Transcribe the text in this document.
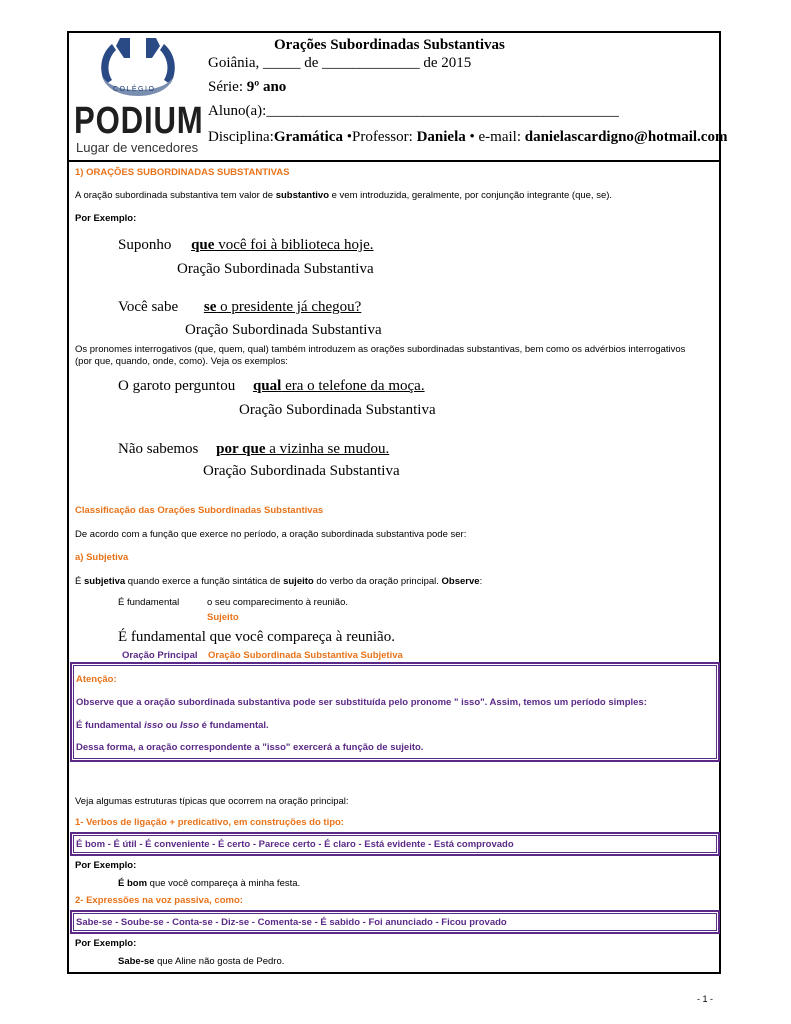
COLÉGIO
PODIUM
Lugar de vencedores
Orações Subordinadas Substantivas
Goiânia, _____ de _____________ de 2015
Série: 9º ano
Aluno(a):_______________________________________________
Disciplina:Gramática •Professor: Daniela • e-mail: danielascardigno@hotmail.com
1) ORAÇÕES SUBORDINADAS SUBSTANTIVAS
A oração subordinada substantiva tem valor de substantivo e vem introduzida, geralmente, por conjunção integrante (que, se).
Por Exemplo:
Suponho que você foi à biblioteca hoje.
Oração Subordinada Substantiva
Você sabe se o presidente já chegou?
Oração Subordinada Substantiva
Os pronomes interrogativos (que, quem, qual) também introduzem as orações subordinadas substantivas, bem como os advérbios interrogativos
(por que, quando, onde, como). Veja os exemplos:
O garoto perguntou qual era o telefone da moça.
Oração Subordinada Substantiva
Não sabemos por que a vizinha se mudou.
Oração Subordinada Substantiva
Classificação das Orações Subordinadas Substantivas
De acordo com a função que exerce no período, a oração subordinada substantiva pode ser:
a) Subjetiva
É subjetiva quando exerce a função sintática de sujeito do verbo da oração principal. Observe:
É fundamental	o seu comparecimento à reunião.
Sujeito
É fundamental que você compareça à reunião.
Oração Principal Oração Subordinada Substantiva Subjetiva
Atenção:
Observe que a oração subordinada substantiva pode ser substituída pelo pronome " isso". Assim, temos um período simples:
É fundamental isso ou Isso é fundamental.
Dessa forma, a oração correspondente a "isso" exercerá a função de sujeito.
Veja algumas estruturas típicas que ocorrem na oração principal:
1- Verbos de ligação + predicativo, em construções do tipo:
É bom - É útil - É conveniente - É certo - Parece certo - É claro - Está evidente - Está comprovado
Por Exemplo:
É bom que você compareça à minha festa.
2- Expressões na voz passiva, como:
Sabe-se - Soube-se - Conta-se - Diz-se - Comenta-se - É sabido - Foi anunciado - Ficou provado
Por Exemplo:
Sabe-se que Aline não gosta de Pedro.
- 1 -
